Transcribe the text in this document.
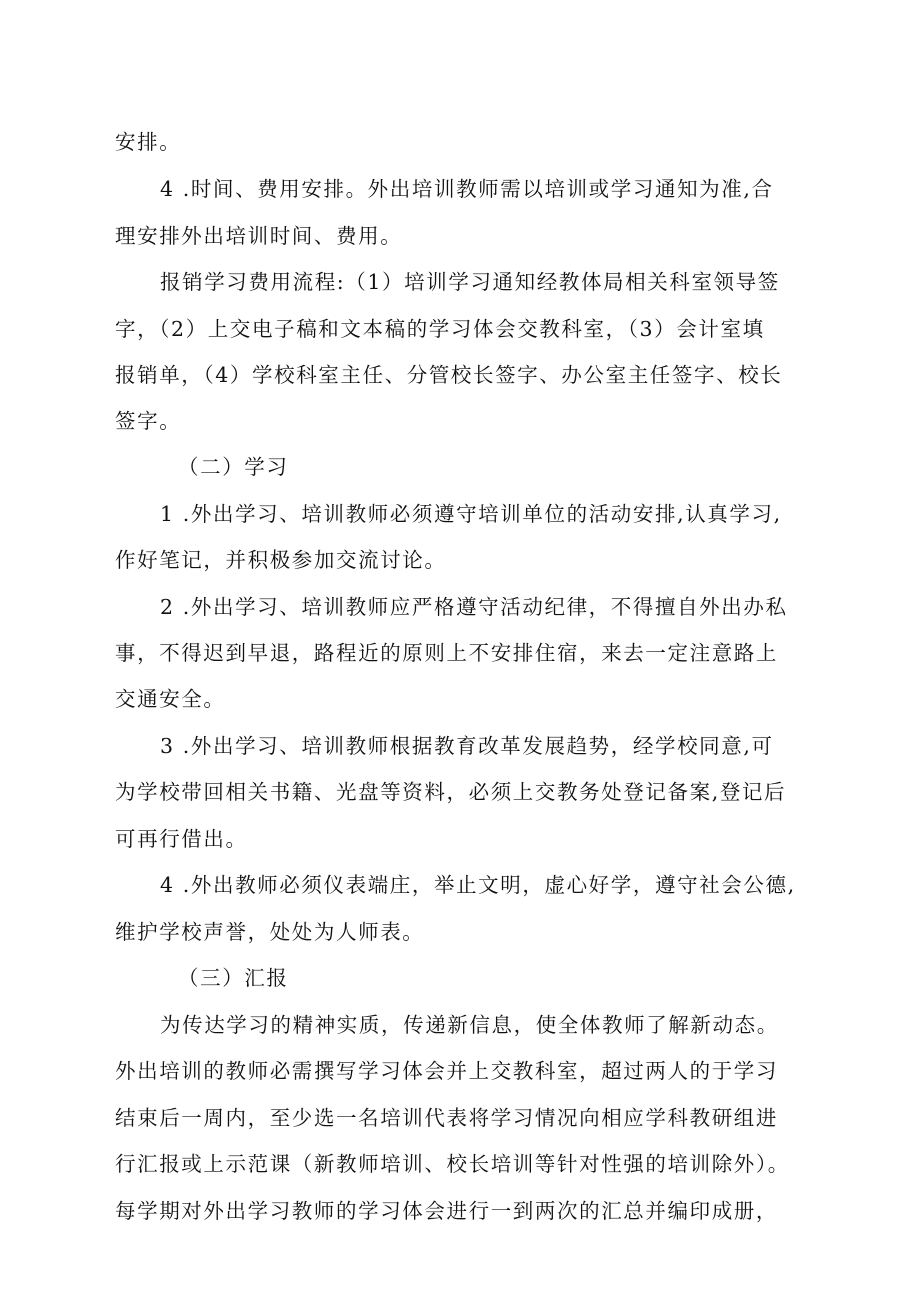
安排。
4 .时间、费用安排。外出培训教师需以培训或学习通知为准,合
理安排外出培训时间、费用。
报销学习费用流程:（1）培训学习通知经教体局相关科室领导签
字，（2）上交电子稿和文本稿的学习体会交教科室，（3）会计室填
报销单，（4）学校科室主任、分管校长签字、办公室主任签字、校长
签字。
（二）学习
1 .外出学习、培训教师必须遵守培训单位的活动安排,认真学习,
作好笔记，并积极参加交流讨论。
2 .外出学习、培训教师应严格遵守活动纪律，不得擅自外出办私
事，不得迟到早退，路程近的原则上不安排住宿，来去一定注意路上
交通安全。
3 .外出学习、培训教师根据教育改革发展趋势，经学校同意,可
为学校带回相关书籍、光盘等资料，必须上交教务处登记备案,登记后
可再行借出。
4 .外出教师必须仪表端庄，举止文明，虚心好学，遵守社会公德,
维护学校声誉，处处为人师表。
（三）汇报
为传达学习的精神实质，传递新信息，使全体教师了解新动态。
外出培训的教师必需撰写学习体会并上交教科室，超过两人的于学习
结束后一周内，至少选一名培训代表将学习情况向相应学科教研组进
行汇报或上示范课（新教师培训、校长培训等针对性强的培训除外）。
每学期对外出学习教师的学习体会进行一到两次的汇总并编印成册，
